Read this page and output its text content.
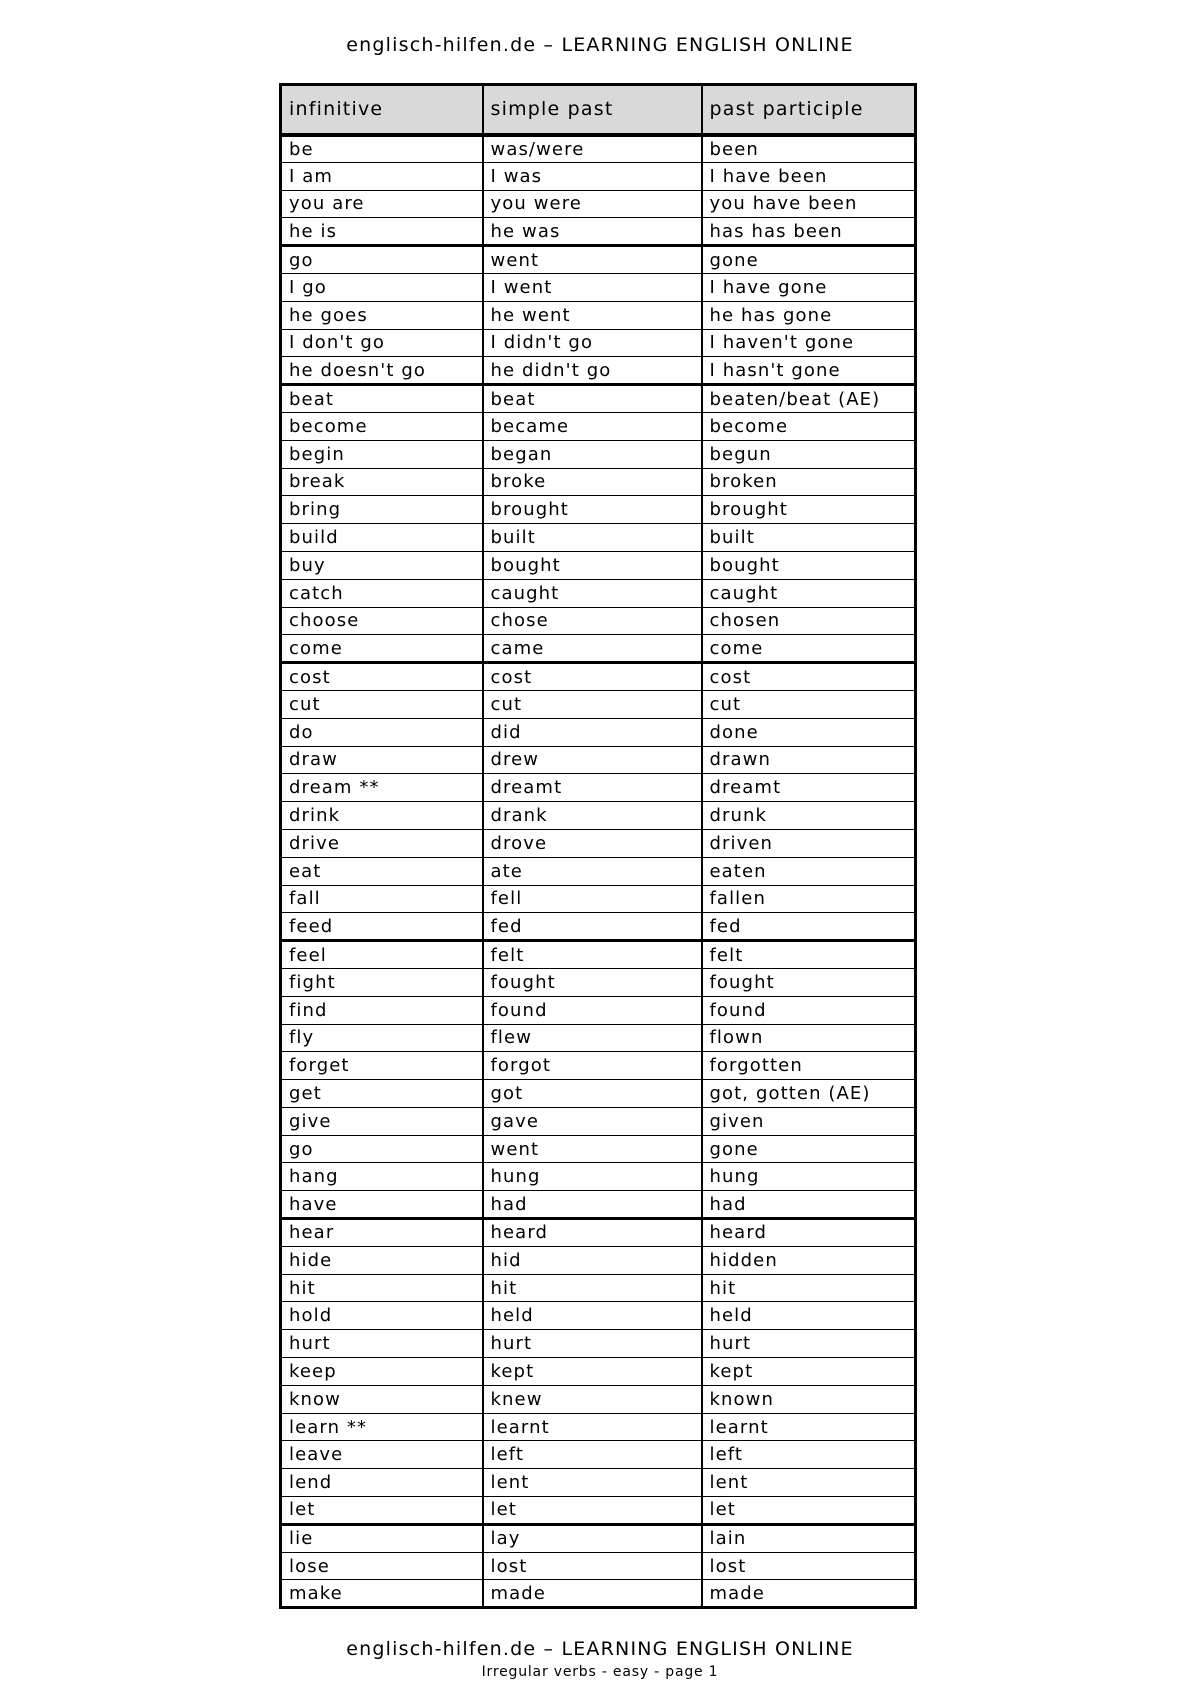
englisch-hilfen.de – LEARNING ENGLISH ONLINE
infinitive	simple past	past participle
be	was/were	been
I am	I was	I have been
you are	you were	you have been
he is	he was	has has been
go	went	gone
I go	I went	I have gone
he goes	he went	he has gone
I don't go	I didn't go	I haven't gone
he doesn't go	he didn't go	I hasn't gone
beat	beat	beaten/beat (AE)
become	became	become
begin	began	begun
break	broke	broken
bring	brought	brought
build	built	built
buy	bought	bought
catch	caught	caught
choose	chose	chosen
come	came	come
cost	cost	cost
cut	cut	cut
do	did	done
draw	drew	drawn
dream **	dreamt	dreamt
drink	drank	drunk
drive	drove	driven
eat	ate	eaten
fall	fell	fallen
feed	fed	fed
feel	felt	felt
fight	fought	fought
find	found	found
fly	flew	flown
forget	forgot	forgotten
get	got	got, gotten (AE)
give	gave	given
go	went	gone
hang	hung	hung
have	had	had
hear	heard	heard
hide	hid	hidden
hit	hit	hit
hold	held	held
hurt	hurt	hurt
keep	kept	kept
know	knew	known
learn **	learnt	learnt
leave	left	left
lend	lent	lent
let	let	let
lie	lay	lain
lose	lost	lost
make	made	made
englisch-hilfen.de – LEARNING ENGLISH ONLINE
Irregular verbs - easy - page 1
